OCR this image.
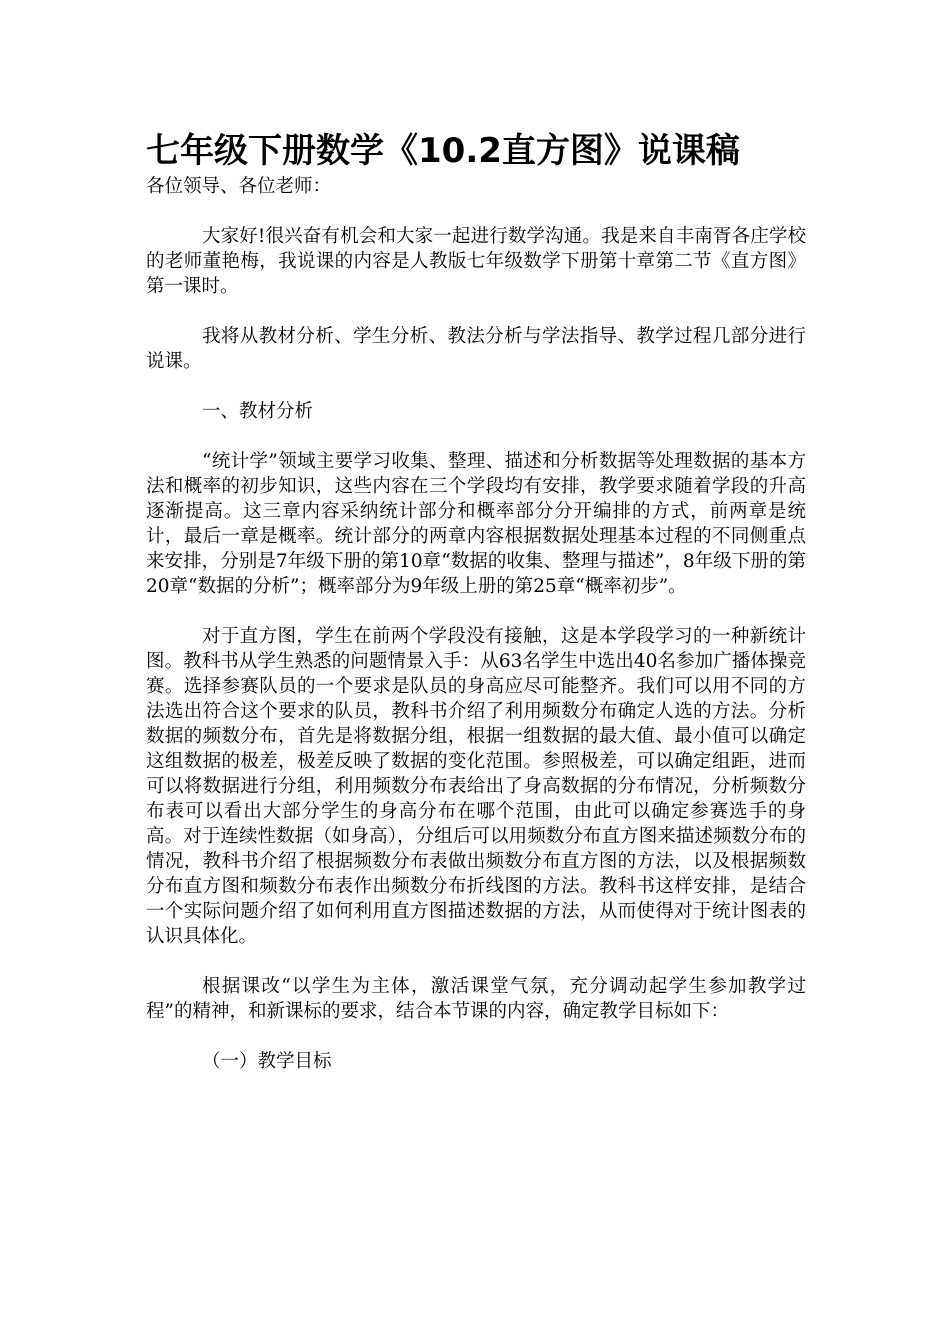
七年级下册数学《10.2直方图》说课稿

各位领导、各位老师：

大家好!很兴奋有机会和大家一起进行数学沟通。我是来自丰南胥各庄学校的老师董艳梅，我说课的内容是人教版七年级数学下册第十章第二节《直方图》第一课时。

我将从教材分析、学生分析、教法分析与学法指导、教学过程几部分进行说课。

一、教材分析

“统计学”领域主要学习收集、整理、描述和分析数据等处理数据的基本方法和概率的初步知识，这些内容在三个学段均有安排，教学要求随着学段的升高逐渐提高。这三章内容采纳统计部分和概率部分分开编排的方式，前两章是统计，最后一章是概率。统计部分的两章内容根据数据处理基本过程的不同侧重点来安排，分别是7年级下册的第10章“数据的收集、整理与描述”，8年级下册的第20章“数据的分析”；概率部分为9年级上册的第25章“概率初步”。

对于直方图，学生在前两个学段没有接触，这是本学段学习的一种新统计图。教科书从学生熟悉的问题情景入手：从63名学生中选出40名参加广播体操竞赛。选择参赛队员的一个要求是队员的身高应尽可能整齐。我们可以用不同的方法选出符合这个要求的队员，教科书介绍了利用频数分布确定人选的方法。分析数据的频数分布，首先是将数据分组，根据一组数据的最大值、最小值可以确定这组数据的极差，极差反映了数据的变化范围。参照极差，可以确定组距，进而可以将数据进行分组，利用频数分布表给出了身高数据的分布情况，分析频数分布表可以看出大部分学生的身高分布在哪个范围，由此可以确定参赛选手的身高。对于连续性数据（如身高），分组后可以用频数分布直方图来描述频数分布的情况，教科书介绍了根据频数分布表做出频数分布直方图的方法，以及根据频数分布直方图和频数分布表作出频数分布折线图的方法。教科书这样安排，是结合一个实际问题介绍了如何利用直方图描述数据的方法，从而使得对于统计图表的认识具体化。

根据课改“以学生为主体，激活课堂气氛，充分调动起学生参加教学过程”的精神，和新课标的要求，结合本节课的内容，确定教学目标如下：

（一）教学目标
